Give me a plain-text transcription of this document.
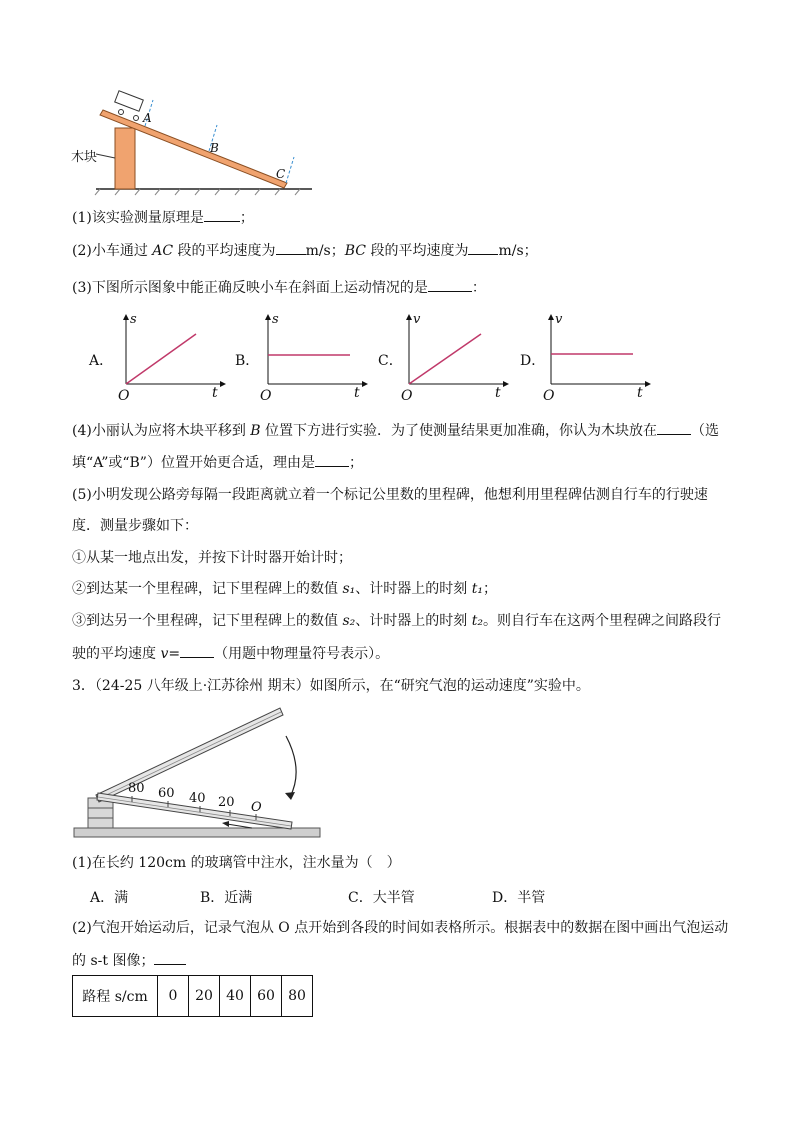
木块
A
B
C
(1)该实验测量原理是	；
(2)小车通过 AC 段的平均速度为 m/s；BC 段的平均速度为 m/s；
(3)下图所示图象中能正确反映小车在斜面上运动情况的是	：
A．
s
O	t
B．
s
O	t
C．
v
O	t
D．
v
O	t
(4)小丽认为应将木块平移到 B 位置下方进行实验．为了使测量结果更加准确，你认为木块放在 （选
填“A”或“B”）位置开始更合适，理由是 ；
(5)小明发现公路旁每隔一段距离就立着一个标记公里数的里程碑，他想利用里程碑估测自行车的行驶速
度．测量步骤如下：
①从某一地点出发，并按下计时器开始计时；
②到达某一个里程碑，记下里程碑上的数值 s₁、计时器上的时刻 t₁；
③到达另一个里程碑，记下里程碑上的数值 s₂、计时器上的时刻 t₂。则自行车在这两个里程碑之间路段行
驶的平均速度 v= （用题中物理量符号表示）。
3．（24-25 八年级上·江苏徐州 期末）如图所示，在“研究气泡的运动速度”实验中。
80 60 40 20 O
(1)在长约 120cm 的玻璃管中注水，注水量为（　）
A．满	B．近满	C．大半管	D．半管
(2)气泡开始运动后，记录气泡从 O 点开始到各段的时间如表格所示。根据表中的数据在图中画出气泡运动
的 s-t 图像；
路程 s/cm	0	20	40	60	80
